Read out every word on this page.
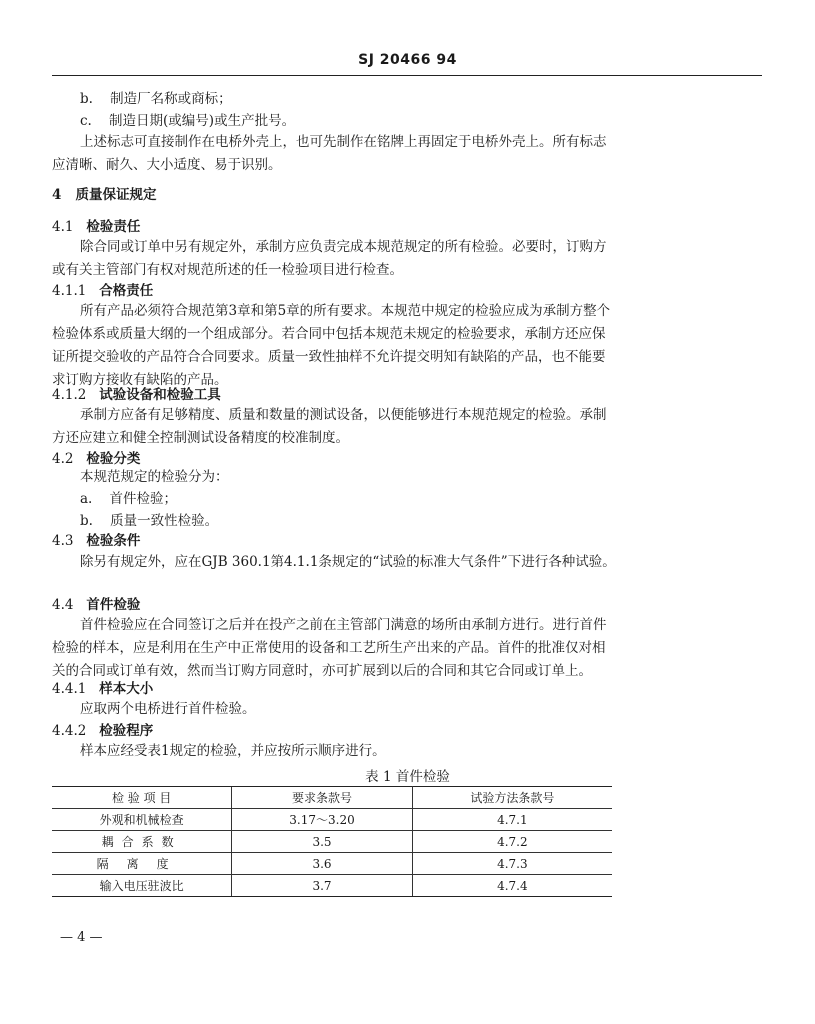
SJ 20466 94
b. 制造厂名称或商标；
c. 制造日期(或编号)或生产批号。
上述标志可直接制作在电桥外壳上，也可先制作在铭牌上再固定于电桥外壳上。所有标志应清晰、耐久、大小适度、易于识别。
4 质量保证规定
4.1 检验责任
除合同或订单中另有规定外，承制方应负责完成本规范规定的所有检验。必要时，订购方或有关主管部门有权对规范所述的任一检验项目进行检查。
4.1.1 合格责任
所有产品必须符合规范第3章和第5章的所有要求。本规范中规定的检验应成为承制方整个检验体系或质量大纲的一个组成部分。若合同中包括本规范未规定的检验要求，承制方还应保证所提交验收的产品符合合同要求。质量一致性抽样不允许提交明知有缺陷的产品，也不能要求订购方接收有缺陷的产品。
4.1.2 试验设备和检验工具
承制方应备有足够精度、质量和数量的测试设备，以便能够进行本规范规定的检验。承制方还应建立和健全控制测试设备精度的校准制度。
4.2 检验分类
本规范规定的检验分为：
a. 首件检验；
b. 质量一致性检验。
4.3 检验条件
除另有规定外，应在GJB 360.1第4.1.1条规定的“试验的标准大气条件”下进行各种试验。
4.4 首件检验
首件检验应在合同签订之后并在投产之前在主管部门满意的场所由承制方进行。进行首件检验的样本，应是利用在生产中正常使用的设备和工艺所生产出来的产品。首件的批准仅对相关的合同或订单有效，然而当订购方同意时，亦可扩展到以后的合同和其它合同或订单上。
4.4.1 样本大小
应取两个电桥进行首件检验。
4.4.2 检验程序
样本应经受表1规定的检验，并应按所示顺序进行。
表 1 首件检验
检 验 项 目	要求条款号	试验方法条款号
外观和机械检查	3.17～3.20	4.7.1
耦合系数	3.5	4.7.2
隔离度	3.6	4.7.3
输入电压驻波比	3.7	4.7.4
— 4 —
